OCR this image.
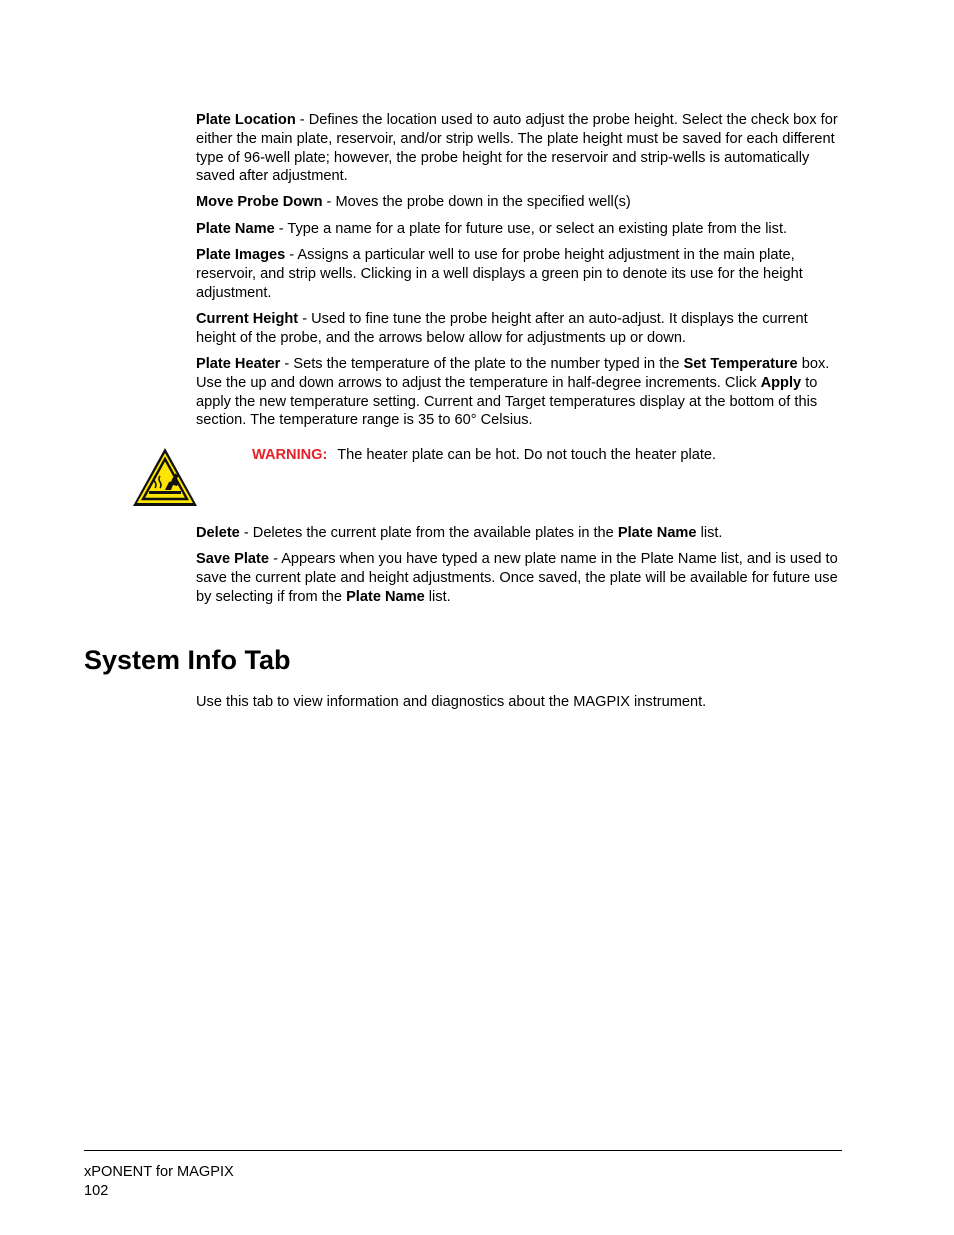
Plate Location - Defines the location used to auto adjust the probe height. Select the check box for either the main plate, reservoir, and/or strip wells. The plate height must be saved for each different type of 96-well plate; however, the probe height for the reservoir and strip-wells is automatically saved after adjustment.

Move Probe Down - Moves the probe down in the specified well(s)

Plate Name - Type a name for a plate for future use, or select an existing plate from the list.

Plate Images - Assigns a particular well to use for probe height adjustment in the main plate, reservoir, and strip wells. Clicking in a well displays a green pin to denote its use for the height adjustment.

Current Height - Used to fine tune the probe height after an auto-adjust. It displays the current height of the probe, and the arrows below allow for adjustments up or down.

Plate Heater - Sets the temperature of the plate to the number typed in the Set Temperature box. Use the up and down arrows to adjust the temperature in half-degree increments. Click Apply to apply the new temperature setting. Current and Target temperatures display at the bottom of this section. The temperature range is 35 to 60° Celsius.

WARNING: The heater plate can be hot. Do not touch the heater plate.

Delete - Deletes the current plate from the available plates in the Plate Name list.

Save Plate - Appears when you have typed a new plate name in the Plate Name list, and is used to save the current plate and height adjustments. Once saved, the plate will be available for future use by selecting if from the Plate Name list.

System Info Tab

Use this tab to view information and diagnostics about the MAGPIX instrument.

xPONENT for MAGPIX
102
